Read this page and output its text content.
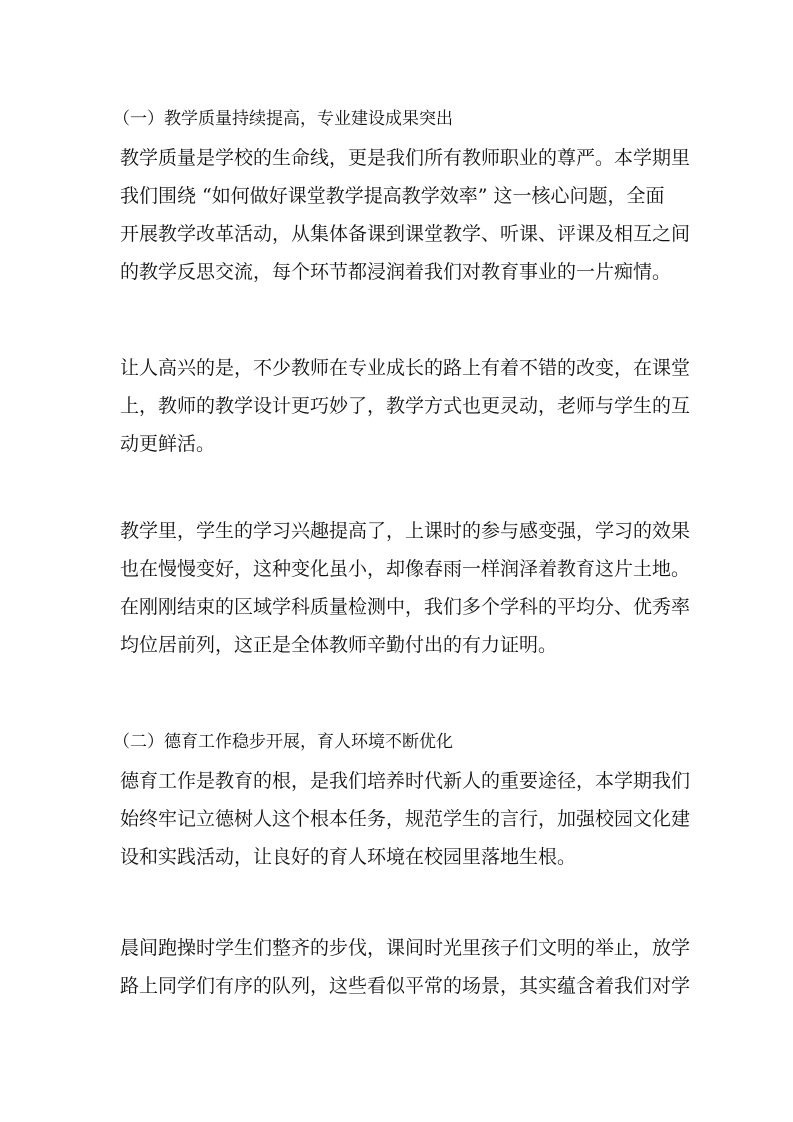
（一）教学质量持续提高，专业建设成果突出
教学质量是学校的生命线，更是我们所有教师职业的尊严。本学期里
我们围绕 “如何做好课堂教学提高教学效率” 这一核心问题，全面
开展教学改革活动，从集体备课到课堂教学、听课、评课及相互之间
的教学反思交流，每个环节都浸润着我们对教育事业的一片痴情。
让人高兴的是，不少教师在专业成长的路上有着不错的改变，在课堂
上，教师的教学设计更巧妙了，教学方式也更灵动，老师与学生的互
动更鲜活。
教学里，学生的学习兴趣提高了，上课时的参与感变强，学习的效果
也在慢慢变好，这种变化虽小，却像春雨一样润泽着教育这片土地。
在刚刚结束的区域学科质量检测中，我们多个学科的平均分、优秀率
均位居前列，这正是全体教师辛勤付出的有力证明。
（二）德育工作稳步开展，育人环境不断优化
德育工作是教育的根，是我们培养时代新人的重要途径，本学期我们
始终牢记立德树人这个根本任务，规范学生的言行，加强校园文化建
设和实践活动，让良好的育人环境在校园里落地生根。
晨间跑操时学生们整齐的步伐，课间时光里孩子们文明的举止，放学
路上同学们有序的队列，这些看似平常的场景，其实蕴含着我们对学
